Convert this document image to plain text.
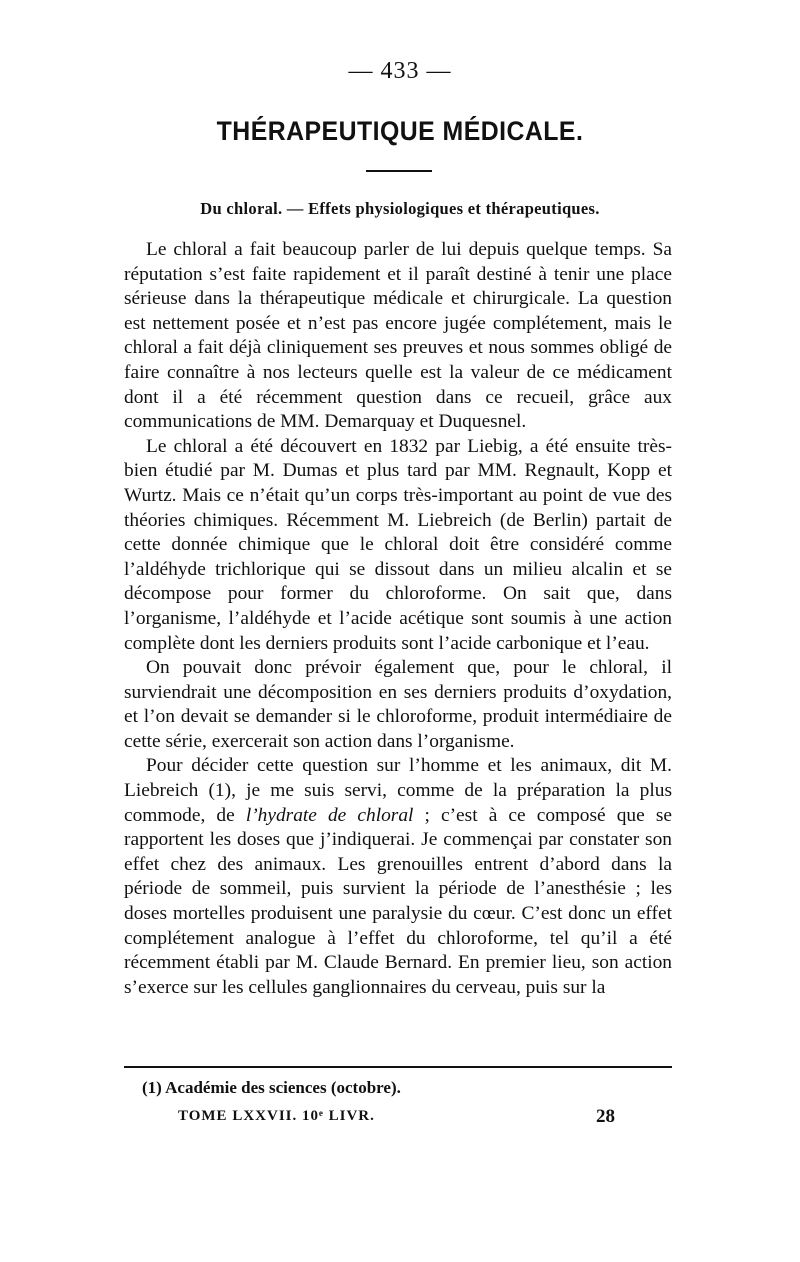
— 433 —
THÉRAPEUTIQUE MÉDICALE.
Du chloral. — Effets physiologiques et thérapeutiques.

Le chloral a fait beaucoup parler de lui depuis quelque temps. Sa réputation s’est faite rapidement et il paraît destiné à tenir une place sérieuse dans la thérapeutique médicale et chirurgicale. La question est nettement posée et n’est pas encore jugée complétement, mais le chloral a fait déjà cliniquement ses preuves et nous sommes obligé de faire connaître à nos lecteurs quelle est la valeur de ce médicament dont il a été récemment question dans ce recueil, grâce aux communications de MM. Demarquay et Duquesnel.

Le chloral a été découvert en 1832 par Liebig, a été ensuite très-bien étudié par M. Dumas et plus tard par MM. Regnault, Kopp et Wurtz. Mais ce n’était qu’un corps très-important au point de vue des théories chimiques. Récemment M. Liebreich (de Berlin) partait de cette donnée chimique que le chloral doit être considéré comme l’aldéhyde trichlorique qui se dissout dans un milieu alcalin et se décompose pour former du chloroforme. On sait que, dans l’organisme, l’aldéhyde et l’acide acétique sont soumis à une action complète dont les derniers produits sont l’acide carbonique et l’eau.

On pouvait donc prévoir également que, pour le chloral, il surviendrait une décomposition en ses derniers produits d’oxydation, et l’on devait se demander si le chloroforme, produit intermédiaire de cette série, exercerait son action dans l’organisme.

Pour décider cette question sur l’homme et les animaux, dit M. Liebreich (1), je me suis servi, comme de la préparation la plus commode, de l’hydrate de chloral ; c’est à ce composé que se rapportent les doses que j’indiquerai. Je commençai par constater son effet chez des animaux. Les grenouilles entrent d’abord dans la période de sommeil, puis survient la période de l’anesthésie ; les doses mortelles produisent une paralysie du cœur. C’est donc un effet complétement analogue à l’effet du chloroforme, tel qu’il a été récemment établi par M. Claude Bernard. En premier lieu, son action s’exerce sur les cellules ganglionnaires du cerveau, puis sur la

(1) Académie des sciences (octobre).
TOME LXXVII. 10ᵉ LIVR.	28
